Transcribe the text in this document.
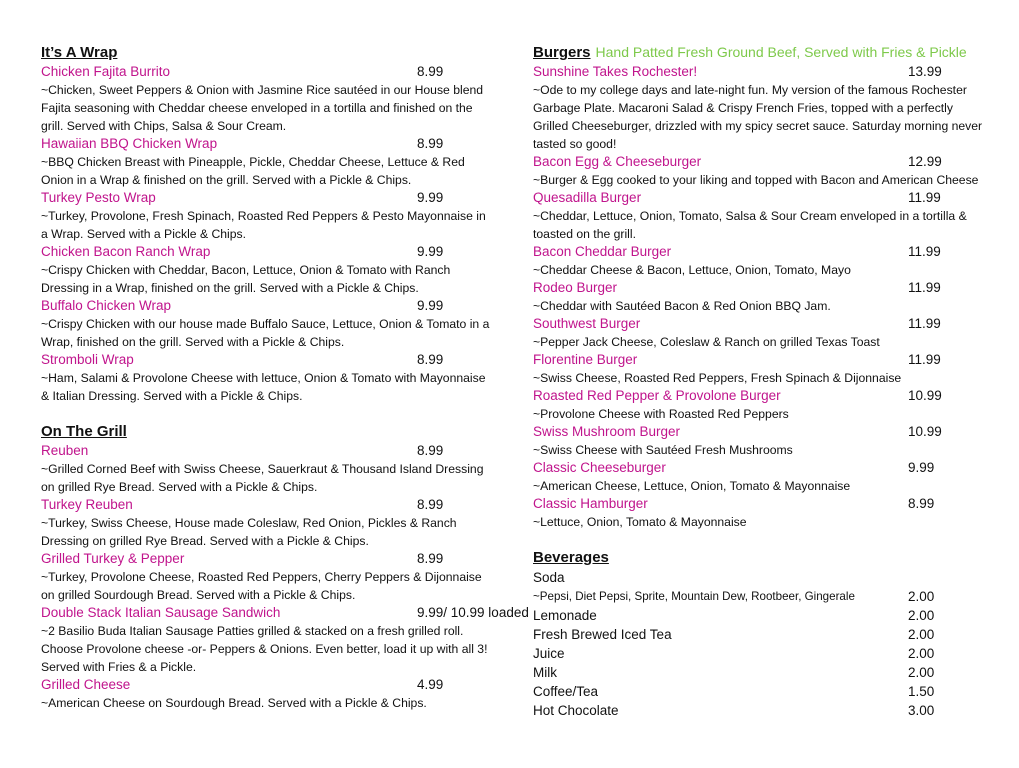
It’s A Wrap
Chicken Fajita Burrito	8.99

~Chicken, Sweet Peppers & Onion with Jasmine Rice sautéed in our House blend Fajita seasoning with Cheddar cheese enveloped in a tortilla and finished on the grill. Served with Chips, Salsa & Sour Cream.

Hawaiian BBQ Chicken Wrap	8.99

~BBQ Chicken Breast with Pineapple, Pickle, Cheddar Cheese, Lettuce & Red Onion in a Wrap & finished on the grill. Served with a Pickle & Chips.

Turkey Pesto Wrap	9.99

~Turkey, Provolone, Fresh Spinach, Roasted Red Peppers & Pesto Mayonnaise in a Wrap. Served with a Pickle & Chips.

Chicken Bacon Ranch Wrap	9.99

~Crispy Chicken with Cheddar, Bacon, Lettuce, Onion & Tomato with Ranch Dressing in a Wrap, finished on the grill. Served with a Pickle & Chips.

Buffalo Chicken Wrap	9.99

~Crispy Chicken with our house made Buffalo Sauce, Lettuce, Onion & Tomato in a Wrap, finished on the grill. Served with a Pickle & Chips.

Stromboli Wrap	8.99

~Ham, Salami & Provolone Cheese with lettuce, Onion & Tomato with Mayonnaise & Italian Dressing. Served with a Pickle & Chips.

On The Grill
Reuben	8.99

~Grilled Corned Beef with Swiss Cheese, Sauerkraut & Thousand Island Dressing on grilled Rye Bread. Served with a Pickle & Chips.

Turkey Reuben	8.99

~Turkey, Swiss Cheese, House made Coleslaw, Red Onion, Pickles & Ranch Dressing on grilled Rye Bread. Served with a Pickle & Chips.

Grilled Turkey & Pepper	8.99

~Turkey, Provolone Cheese, Roasted Red Peppers, Cherry Peppers & Dijonnaise on grilled Sourdough Bread. Served with a Pickle & Chips.

Double Stack Italian Sausage Sandwich	9.99/ 10.99 loaded

~2 Basilio Buda Italian Sausage Patties grilled & stacked on a fresh grilled roll. Choose Provolone cheese -or- Peppers & Onions. Even better, load it up with all 3! Served with Fries & a Pickle.

Grilled Cheese	4.99

~American Cheese on Sourdough Bread. Served with a Pickle & Chips.

Burgers Hand Patted Fresh Ground Beef, Served with Fries & Pickle
Sunshine Takes Rochester!	13.99

~Ode to my college days and late-night fun. My version of the famous Rochester Garbage Plate. Macaroni Salad & Crispy French Fries, topped with a perfectly Grilled Cheeseburger, drizzled with my spicy secret sauce. Saturday morning never tasted so good!

Bacon Egg & Cheeseburger	12.99

~Burger & Egg cooked to your liking and topped with Bacon and American Cheese

Quesadilla Burger	11.99

~Cheddar, Lettuce, Onion, Tomato, Salsa & Sour Cream enveloped in a tortilla & toasted on the grill.

Bacon Cheddar Burger	11.99

~Cheddar Cheese & Bacon, Lettuce, Onion, Tomato, Mayo

Rodeo Burger	11.99

~Cheddar with Sautéed Bacon & Red Onion BBQ Jam.

Southwest Burger	11.99

~Pepper Jack Cheese, Coleslaw & Ranch on grilled Texas Toast

Florentine Burger	11.99

~Swiss Cheese, Roasted Red Peppers, Fresh Spinach & Dijonnaise

Roasted Red Pepper & Provolone Burger	10.99

~Provolone Cheese with Roasted Red Peppers

Swiss Mushroom Burger	10.99

~Swiss Cheese with Sautéed Fresh Mushrooms

Classic Cheeseburger	9.99

~American Cheese, Lettuce, Onion, Tomato & Mayonnaise

Classic Hamburger	8.99

~Lettuce, Onion, Tomato & Mayonnaise

Beverages
Soda
~Pepsi, Diet Pepsi, Sprite, Mountain Dew, Rootbeer, Gingerale	2.00
Lemonade	2.00
Fresh Brewed Iced Tea	2.00
Juice	2.00
Milk	2.00
Coffee/Tea	1.50
Hot Chocolate	3.00
